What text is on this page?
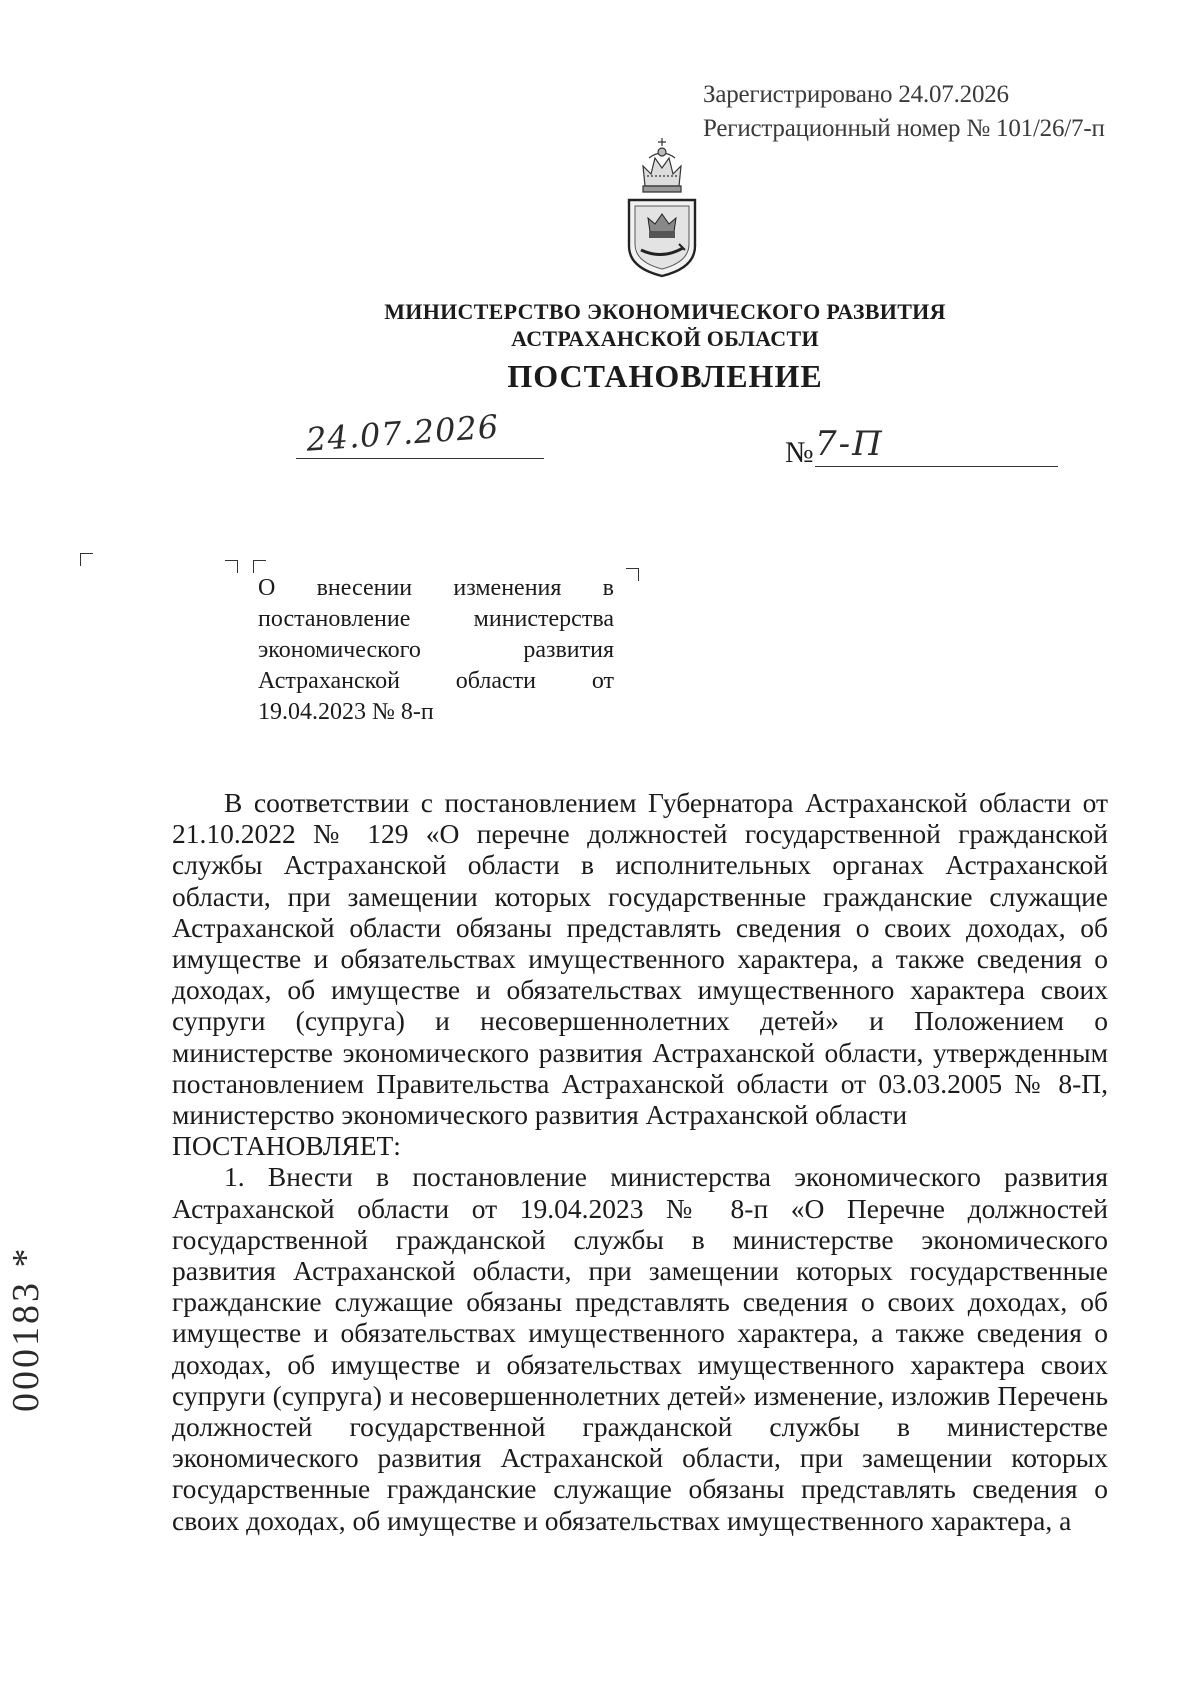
Зарегистрировано 24.07.2026
Регистрационный номер № 101/26/7-п
МИНИСТЕРСТВО ЭКОНОМИЧЕСКОГО РАЗВИТИЯ
АСТРАХАНСКОЙ ОБЛАСТИ
ПОСТАНОВЛЕНИЕ
24.07.2026	№ 7-П
О внесении изменения в
постановление министерства
экономического развития
Астраханской области от
19.04.2023 № 8-п

В соответствии с постановлением Губернатора Астраханской области от 21.10.2022 № 129 «О перечне должностей государственной гражданской службы Астраханской области в исполнительных органах Астраханской области, при замещении которых государственные гражданские служащие Астраханской области обязаны представлять сведения о своих доходах, об имуществе и обязательствах имущественного характера, а также сведения о доходах, об имуществе и обязательствах имущественного характера своих супруги (супруга) и несовершеннолетних детей» и Положением о министерстве экономического развития Астраханской области, утвержденным постановлением Правительства Астраханской области от 03.03.2005 № 8-П, министерство экономического развития Астраханской области

ПОСТАНОВЛЯЕТ:

1. Внести в постановление министерства экономического развития Астраханской области от 19.04.2023 № 8-п «О Перечне должностей государственной гражданской службы в министерстве экономического развития Астраханской области, при замещении которых государственные гражданские служащие обязаны представлять сведения о своих доходах, об имуществе и обязательствах имущественного характера, а также сведения о доходах, об имуществе и обязательствах имущественного характера своих супруги (супруга) и несовершеннолетних детей» изменение, изложив Перечень должностей государственной гражданской службы в министерстве экономического развития Астраханской области, при замещении которых государственные гражданские служащие обязаны представлять сведения о своих доходах, об имуществе и обязательствах имущественного характера, а

000183 *
